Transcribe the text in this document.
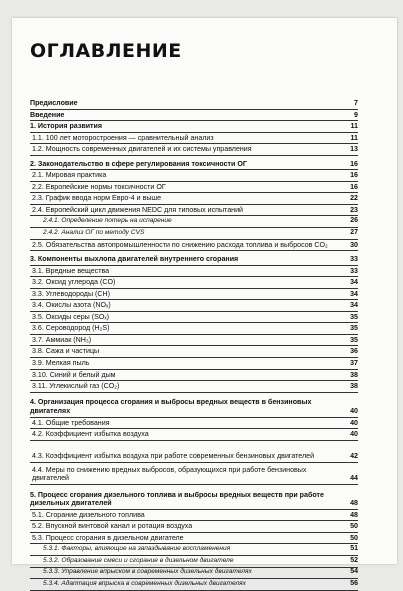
ОГЛАВЛЕНИЕ
Предисловие	7
Введение	9
1. История развития	11
1.1. 100 лет моторостроения — сравнительный анализ	11
1.2. Мощность современных двигателей и их системы управления	13
2. Законодательство в сфере регулирования токсичности ОГ	16
2.1. Мировая практика	16
2.2. Европейские нормы токсичности ОГ	16
2.3. График ввода норм Евро-4 и выше	22
2.4. Европейский цикл движения NEDC для типовых испытаний	23
2.4.1. Определение потерь на испарение	26
2.4.2. Анализ ОГ по методу CVS	27
2.5. Обязательства автопромышленности по снижению расхода топлива и выбросов CO₂	30
3. Компоненты выхлопа двигателей внутреннего сгорания	33
3.1. Вредные вещества	33
3.2. Оксид углерода (CO)	34
3.3. Углеводороды (CH)	34
3.4. Окислы азота (NOₓ)	34
3.5. Оксиды серы (SOₓ)	35
3.6. Сероводород (H₂S)	35
3.7. Аммиак (NH₃)	35
3.8. Сажа и частицы	36
3.9. Мелкая пыль	37
3.10. Синий и белый дым	38
3.11. Углекислый газ (CO₂)	38
4. Организация процесса сгорания и выбросы вредных веществ в бензиновых двигателях	40
4.1. Общие требования	40
4.2. Коэффициент избытка воздуха	40
4.3. Коэффициент избытка воздуха при работе современных бензиновых двигателей	42
4.4. Меры по снижению вредных выбросов, образующихся при работе бензиновых двигателей	44
5. Процесс сгорания дизельного топлива и выбросы вредных веществ при работе дизельных двигателей	48
5.1. Сгорание дизельного топлива	48
5.2. Впускной винтовой канал и ротация воздуха	50
5.3. Процесс сгорания в дизельном двигателе	50
5.3.1. Факторы, влияющие на запаздывание воспламенения	51
5.3.2. Образование смеси и сгорание в дизельном двигателе	52
5.3.3. Управление впрыском в современных дизельных двигателях	54
5.3.4. Адаптация впрыска в современных дизельных двигателях	56
